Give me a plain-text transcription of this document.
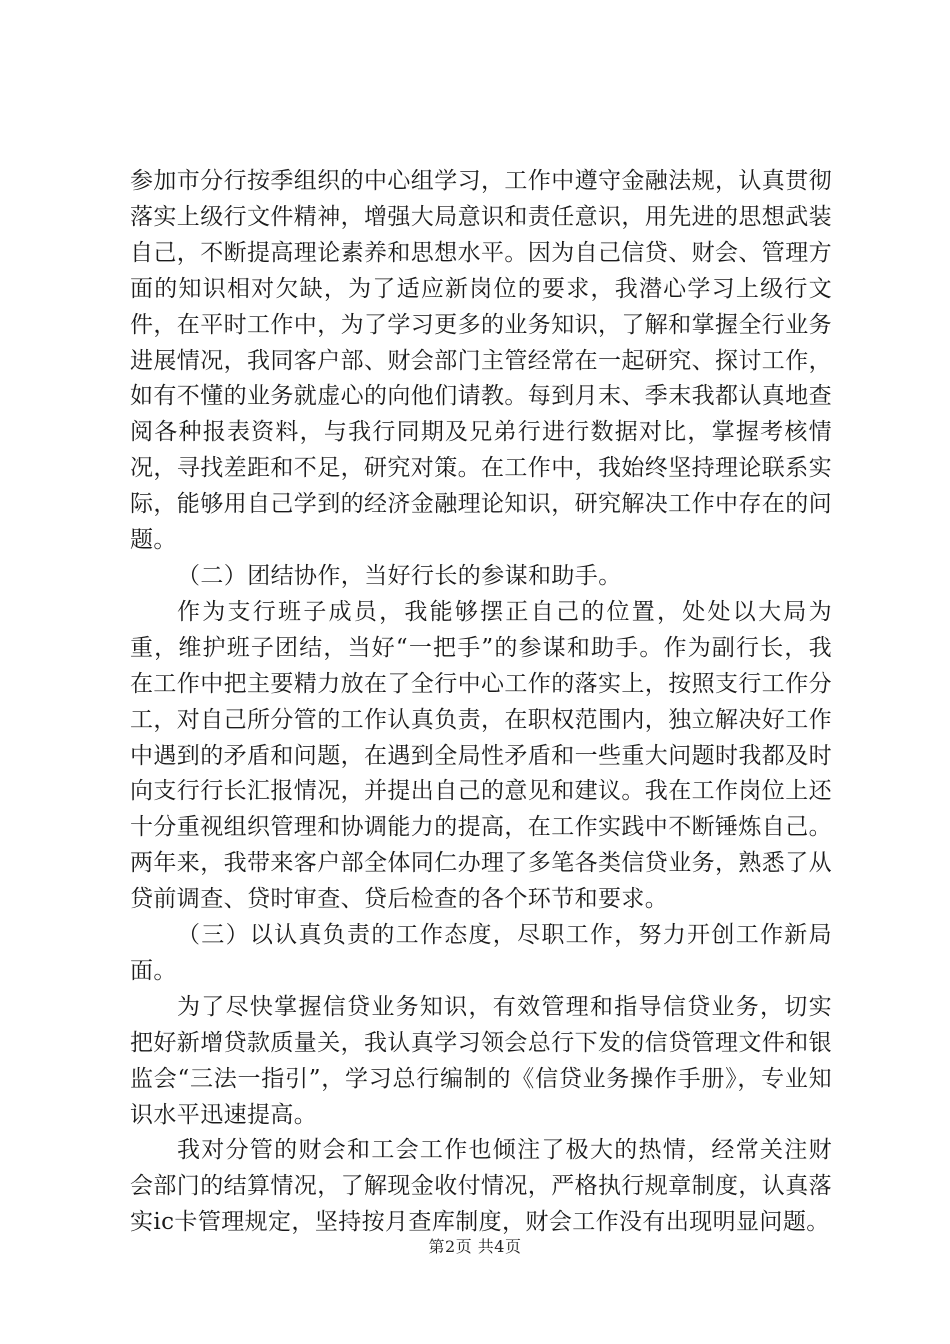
参加市分行按季组织的中心组学习，工作中遵守金融法规，认真贯彻落实上级行文件精神，增强大局意识和责任意识，用先进的思想武装自己，不断提高理论素养和思想水平。因为自己信贷、财会、管理方面的知识相对欠缺，为了适应新岗位的要求，我潜心学习上级行文件，在平时工作中，为了学习更多的业务知识，了解和掌握全行业务进展情况，我同客户部、财会部门主管经常在一起研究、探讨工作，如有不懂的业务就虚心的向他们请教。每到月末、季末我都认真地查阅各种报表资料，与我行同期及兄弟行进行数据对比，掌握考核情况，寻找差距和不足，研究对策。在工作中，我始终坚持理论联系实际，能够用自己学到的经济金融理论知识，研究解决工作中存在的问题。

（二）团结协作，当好行长的参谋和助手。

作为支行班子成员，我能够摆正自己的位置，处处以大局为重，维护班子团结，当好“一把手”的参谋和助手。作为副行长，我在工作中把主要精力放在了全行中心工作的落实上，按照支行工作分工，对自己所分管的工作认真负责，在职权范围内，独立解决好工作中遇到的矛盾和问题，在遇到全局性矛盾和一些重大问题时我都及时向支行行长汇报情况，并提出自己的意见和建议。我在工作岗位上还十分重视组织管理和协调能力的提高，在工作实践中不断锤炼自己。两年来，我带来客户部全体同仁办理了多笔各类信贷业务，熟悉了从贷前调查、贷时审查、贷后检查的各个环节和要求。

（三）以认真负责的工作态度，尽职工作，努力开创工作新局面。

为了尽快掌握信贷业务知识，有效管理和指导信贷业务，切实把好新增贷款质量关，我认真学习领会总行下发的信贷管理文件和银监会“三法一指引”，学习总行编制的《信贷业务操作手册》，专业知识水平迅速提高。

我对分管的财会和工会工作也倾注了极大的热情，经常关注财会部门的结算情况，了解现金收付情况，严格执行规章制度，认真落实ic卡管理规定，坚持按月查库制度，财会工作没有出现明显问题。

第2页 共4页
